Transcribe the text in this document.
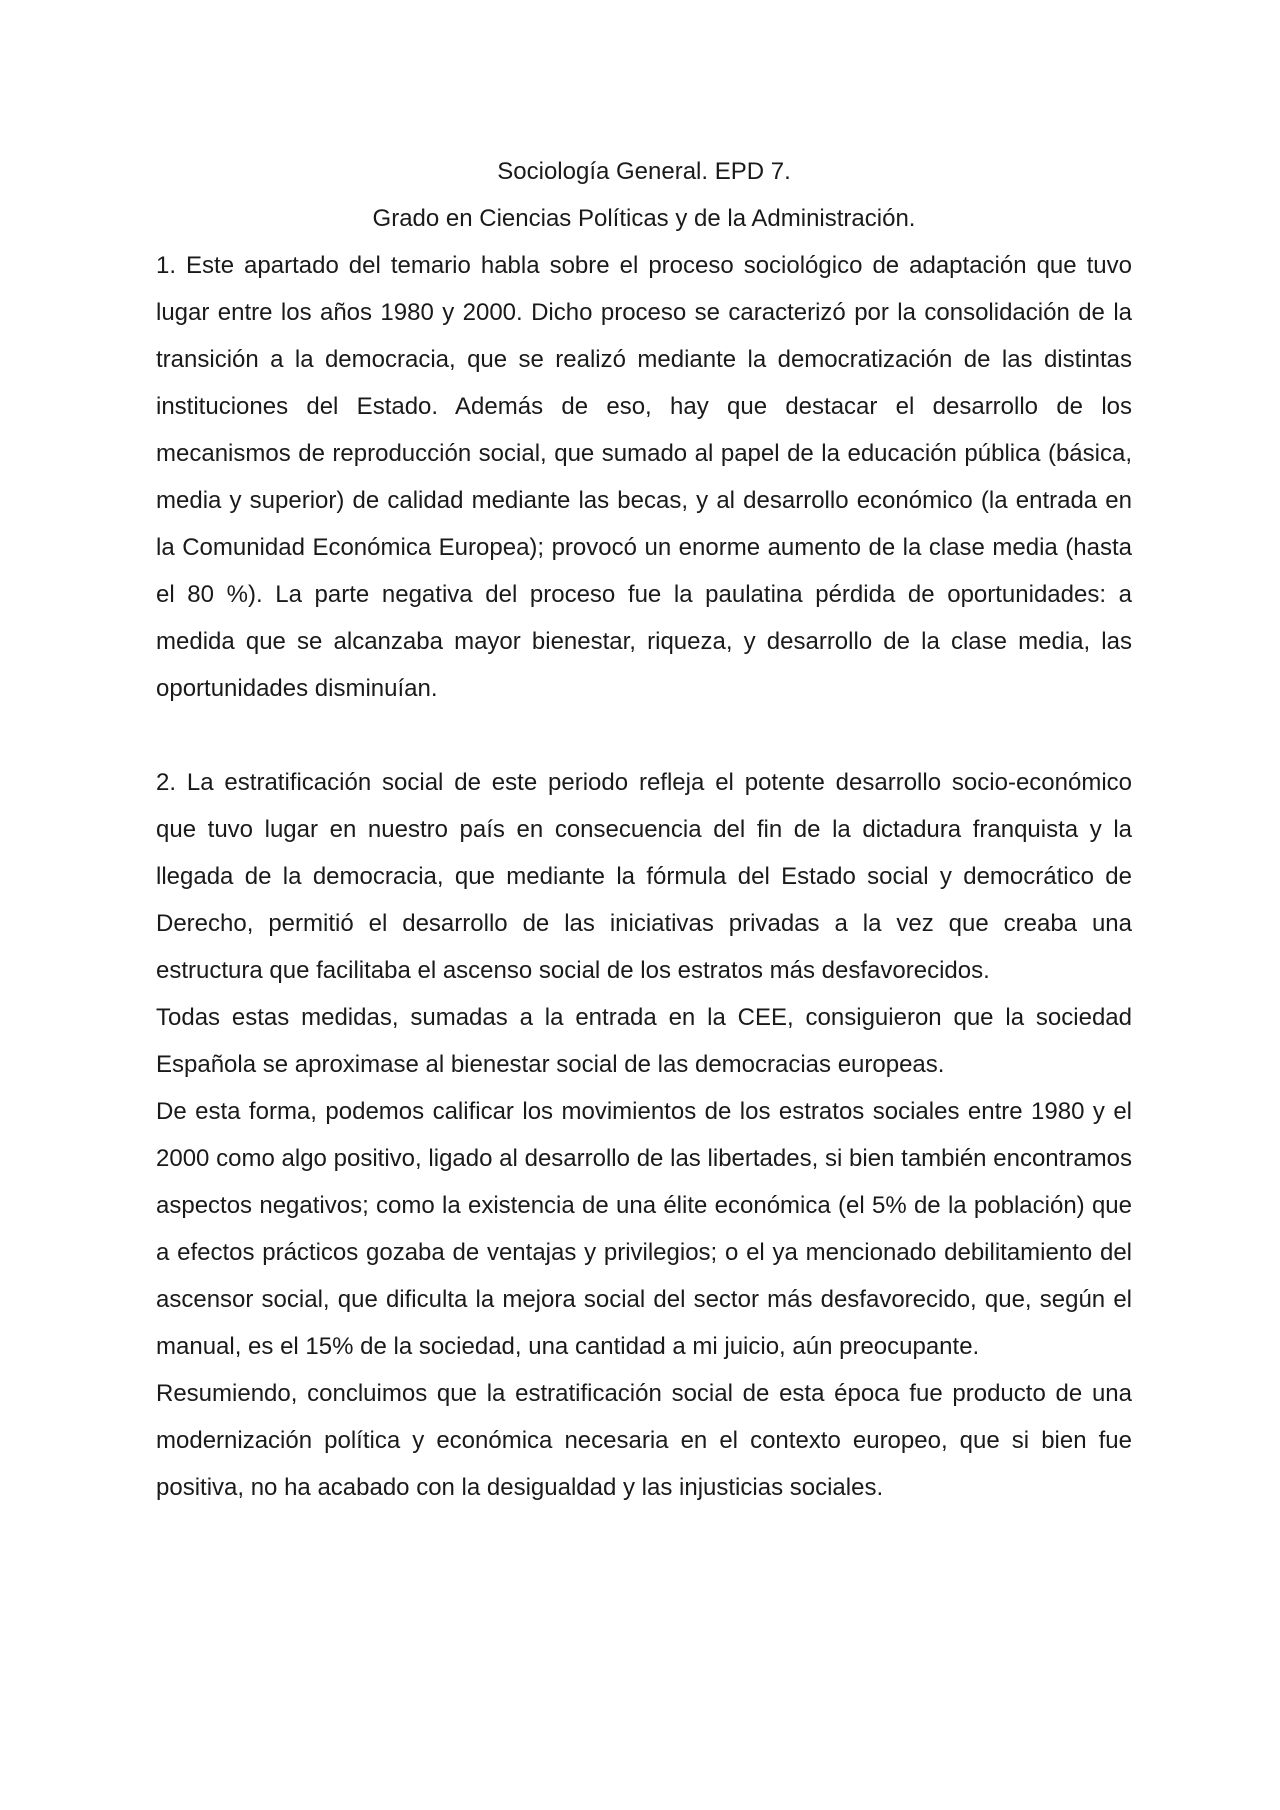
Sociología General. EPD 7.

Grado en Ciencias Políticas y de la Administración.

1. Este apartado del temario habla sobre el proceso sociológico de adaptación que tuvo lugar entre los años 1980 y 2000. Dicho proceso se caracterizó por la consolidación de la transición a la democracia, que se realizó mediante la democratización de las distintas instituciones del Estado. Además de eso, hay que destacar el desarrollo de los mecanismos de reproducción social, que sumado al papel de la educación pública (básica, media y superior) de calidad mediante las becas, y al desarrollo económico (la entrada en la Comunidad Económica Europea); provocó un enorme aumento de la clase media (hasta el 80 %). La parte negativa del proceso fue la paulatina pérdida de oportunidades: a medida que se alcanzaba mayor bienestar, riqueza, y desarrollo de la clase media, las oportunidades disminuían.

2. La estratificación social de este periodo refleja el potente desarrollo socio-económico que tuvo lugar en nuestro país en consecuencia del fin de la dictadura franquista y la llegada de la democracia, que mediante la fórmula del Estado social y democrático de Derecho, permitió el desarrollo de las iniciativas privadas a la vez que creaba una estructura que facilitaba el ascenso social de los estratos más desfavorecidos.

Todas estas medidas, sumadas a la entrada en la CEE, consiguieron que la sociedad Española se aproximase al bienestar social de las democracias europeas.

De esta forma, podemos calificar los movimientos de los estratos sociales entre 1980 y el 2000 como algo positivo, ligado al desarrollo de las libertades, si bien también encontramos aspectos negativos; como la existencia de una élite económica (el 5% de la población) que a efectos prácticos gozaba de ventajas y privilegios; o el ya mencionado debilitamiento del ascensor social, que dificulta la mejora social del sector más desfavorecido, que, según el manual, es el 15% de la sociedad, una cantidad a mi juicio, aún preocupante.

Resumiendo, concluimos que la estratificación social de esta época fue producto de una modernización política y económica necesaria en el contexto europeo, que si bien fue positiva, no ha acabado con la desigualdad y las injusticias sociales.
